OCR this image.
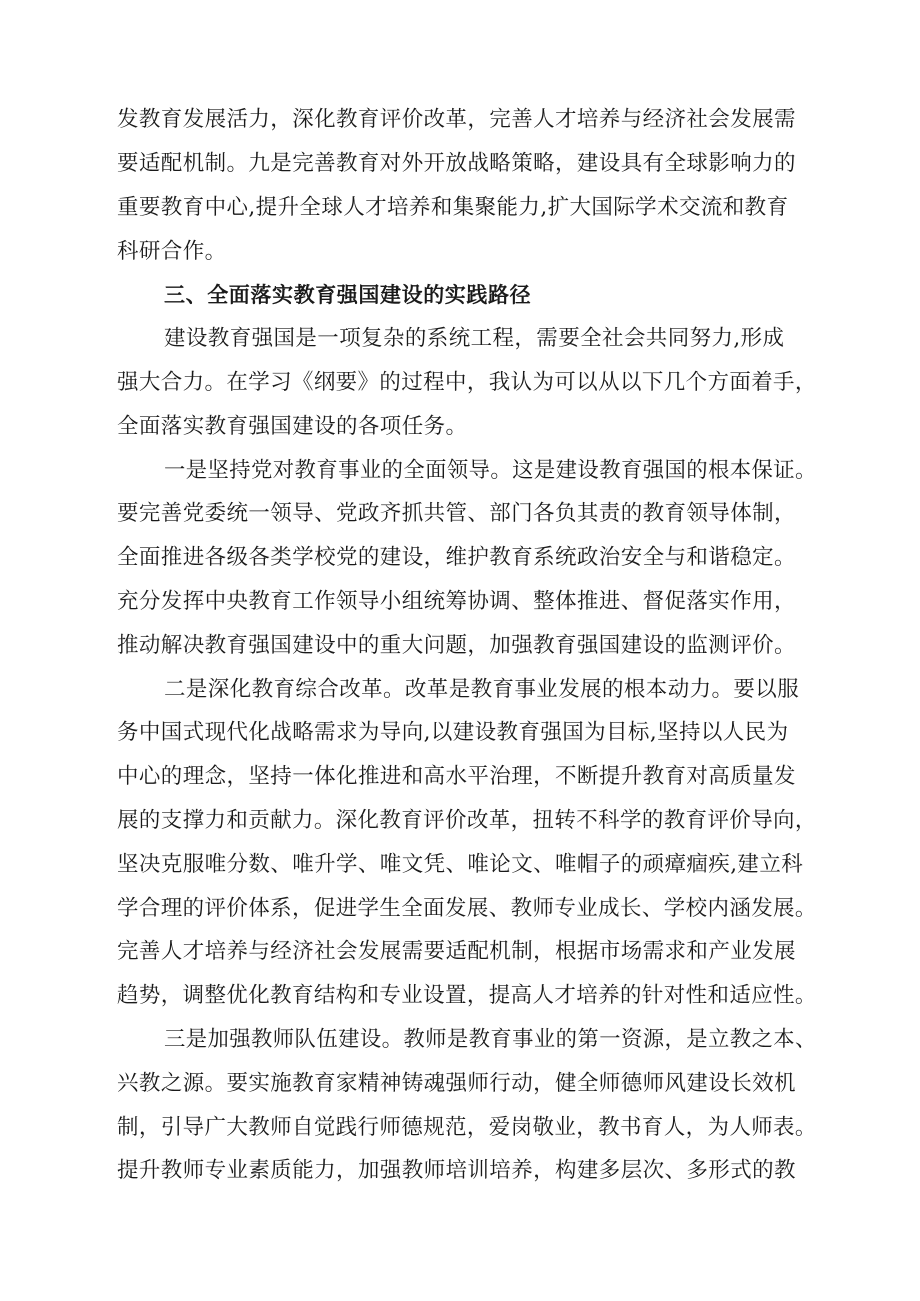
发教育发展活力，深化教育评价改革，完善人才培养与经济社会发展需
要适配机制。九是完善教育对外开放战略策略，建设具有全球影响力的
重要教育中心,提升全球人才培养和集聚能力,扩大国际学术交流和教育
科研合作。
三、全面落实教育强国建设的实践路径
建设教育强国是一项复杂的系统工程，需要全社会共同努力,形成
强大合力。在学习《纲要》的过程中，我认为可以从以下几个方面着手，
全面落实教育强国建设的各项任务。
一是坚持党对教育事业的全面领导。这是建设教育强国的根本保证。
要完善党委统一领导、党政齐抓共管、部门各负其责的教育领导体制，
全面推进各级各类学校党的建设，维护教育系统政治安全与和谐稳定。
充分发挥中央教育工作领导小组统筹协调、整体推进、督促落实作用，
推动解决教育强国建设中的重大问题，加强教育强国建设的监测评价。
二是深化教育综合改革。改革是教育事业发展的根本动力。要以服
务中国式现代化战略需求为导向,以建设教育强国为目标,坚持以人民为
中心的理念，坚持一体化推进和高水平治理，不断提升教育对高质量发
展的支撑力和贡献力。深化教育评价改革，扭转不科学的教育评价导向，
坚决克服唯分数、唯升学、唯文凭、唯论文、唯帽子的顽瘴痼疾,建立科
学合理的评价体系，促进学生全面发展、教师专业成长、学校内涵发展。
完善人才培养与经济社会发展需要适配机制，根据市场需求和产业发展
趋势，调整优化教育结构和专业设置，提高人才培养的针对性和适应性。
三是加强教师队伍建设。教师是教育事业的第一资源，是立教之本、
兴教之源。要实施教育家精神铸魂强师行动，健全师德师风建设长效机
制，引导广大教师自觉践行师德规范，爱岗敬业，教书育人，为人师表。
提升教师专业素质能力，加强教师培训培养，构建多层次、多形式的教
